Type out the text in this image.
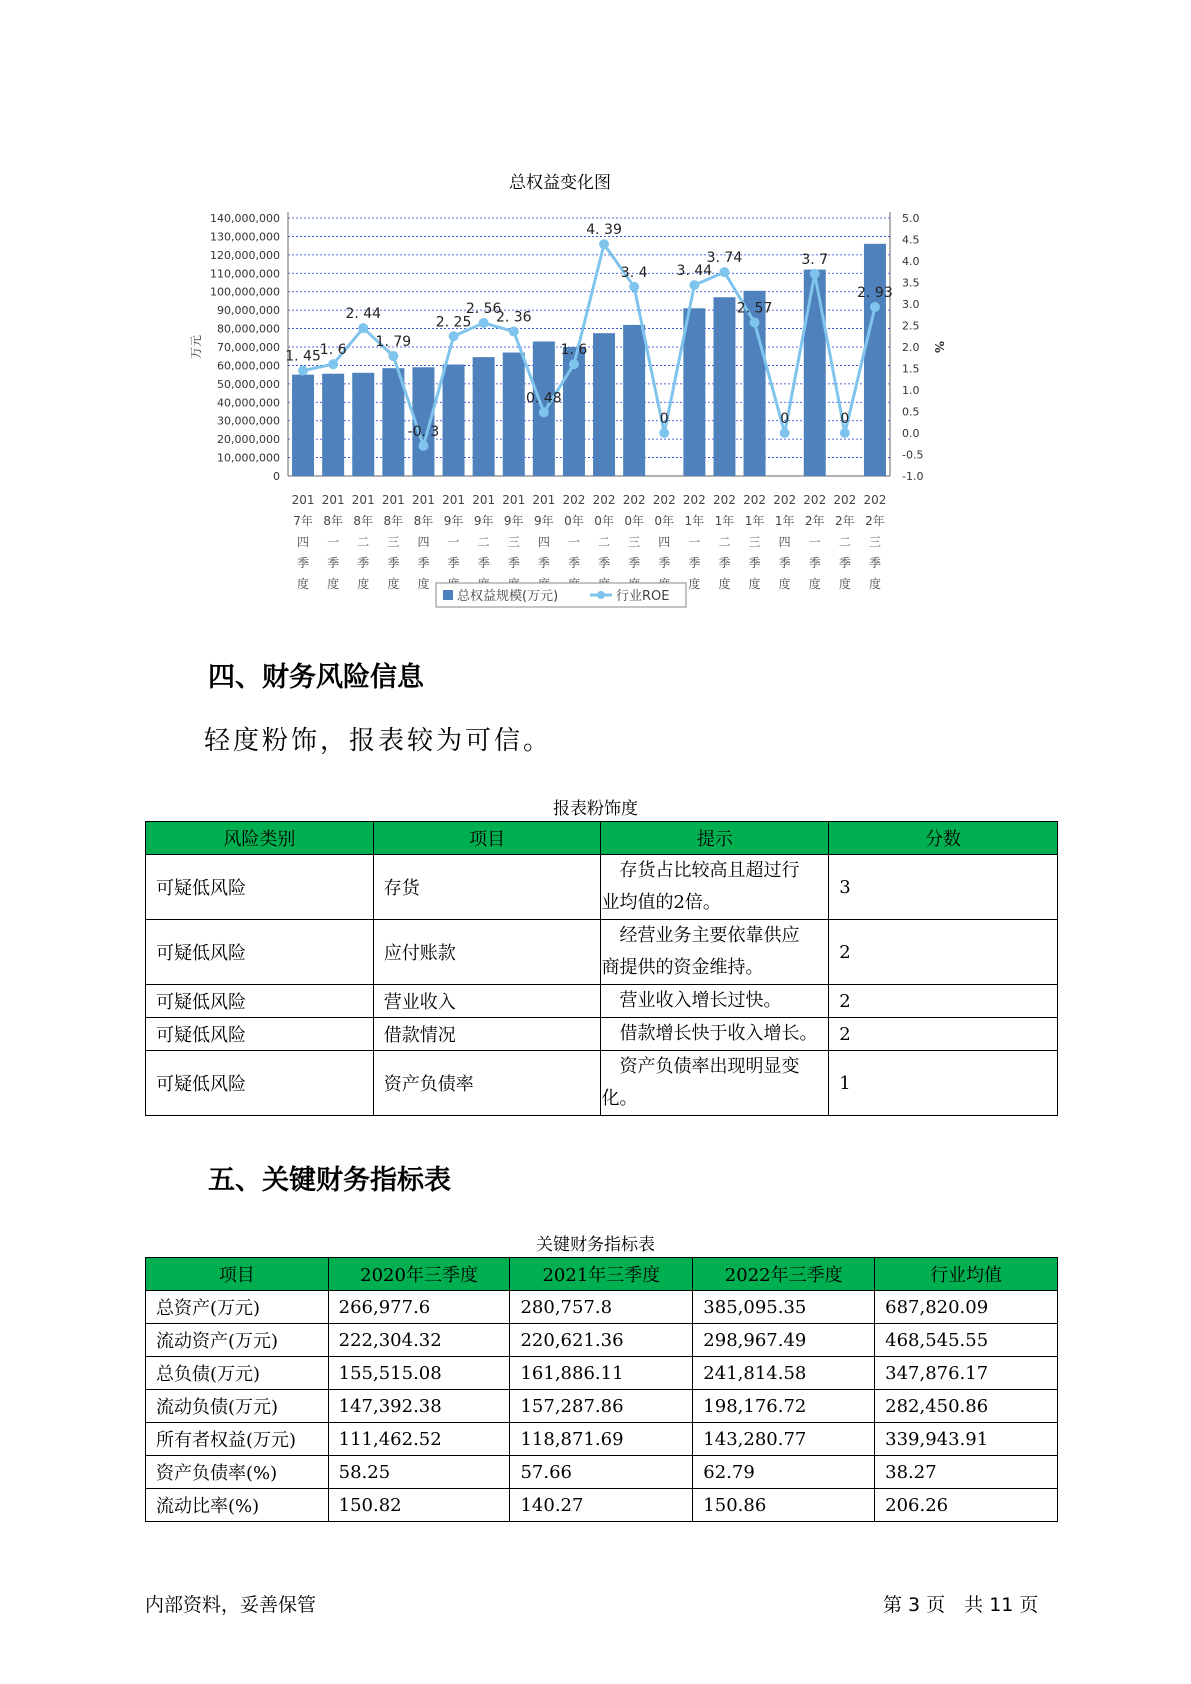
总权益变化图
140,000,000
130,000,000
120,000,000
110,000,000
100,000,000
90,000,000
80,000,000
70,000,000
60,000,000
50,000,000
40,000,000
30,000,000
20,000,000
10,000,000
0
5.0
4.5
4.0
3.5
3.0
2.5
2.0
1.5
1.0
0.5
0.0
-0.5
-1.0
万元	%
201
7年
四
季
度
201
8年
一
季
度
201
8年
二
季
度
201
8年
三
季
度
201
8年
四
季
度
201
9年
一
季
201
9年
二
季
201
9年
三
季
201
9年
四
季
202
0年
一
季
202
0年
二
季
202
0年
三
季
202
0年
四
季
202
1年
一
季
度
202
1年
二
季
度
202
1年
三
季
度
202
1年
四
季
度
202
2年
一
季
度
202
2年
二
季
度
202
2年
三
季
度
1. 45
1. 6
2. 44
1. 79
-0. 3
2. 25
2. 56
2. 36
0. 48
1. 6
4. 39
3. 4
0
3. 44
3. 74
2. 57
0
3. 7
0
2. 93
总权益规模(万元)	行业ROE
四、财务风险信息
轻度粉饰，报表较为可信。
报表粉饰度
风险类别	项目	提示	分数
可疑低风险	存货	　存货占比较高且超过行
业均值的2倍。	3
可疑低风险	应付账款	　经营业务主要依靠供应
商提供的资金维持。	2
可疑低风险	营业收入	　营业收入增长过快。	2
可疑低风险	借款情况	　借款增长快于收入增长。	2
可疑低风险	资产负债率	　资产负债率出现明显变
化。	1
五、关键财务指标表
关键财务指标表
项目	2020年三季度	2021年三季度	2022年三季度	行业均值
总资产(万元)	266,977.6	280,757.8	385,095.35	687,820.09
流动资产(万元)	222,304.32	220,621.36	298,967.49	468,545.55
总负债(万元)	155,515.08	161,886.11	241,814.58	347,876.17
流动负债(万元)	147,392.38	157,287.86	198,176.72	282,450.86
所有者权益(万元)	111,462.52	118,871.69	143,280.77	339,943.91
资产负债率(%)	58.25	57.66	62.79	38.27
流动比率(%)	150.82	140.27	150.86	206.26
内部资料，妥善保管	第 3 页　共 11 页
